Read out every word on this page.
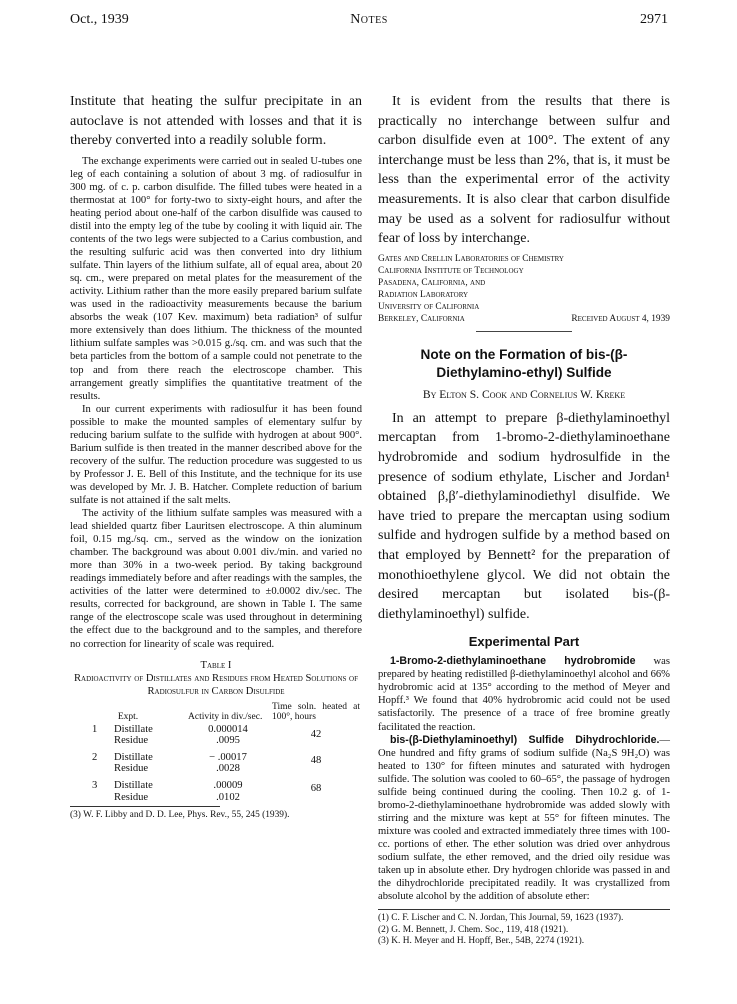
Oct., 1939	Notes	2971

Institute that heating the sulfur precipitate in an autoclave is not attended with losses and that it is thereby converted into a readily soluble form.

The exchange experiments were carried out in sealed U-tubes one leg of each containing a solution of about 3 mg. of radiosulfur in 300 mg. of c. p. carbon disulfide. The filled tubes were heated in a thermostat at 100° for forty-two to sixty-eight hours, and after the heating period about one-half of the carbon disulfide was caused to distil into the empty leg of the tube by cooling it with liquid air. The contents of the two legs were subjected to a Carius combustion, and the resulting sulfuric acid was then converted into dry lithium sulfate. Thin layers of the lithium sulfate, all of equal area, about 20 sq. cm., were prepared on metal plates for the measurement of the activity. Lithium rather than the more easily prepared barium sulfate was used in the radioactivity measurements because the barium absorbs the weak (107 Kev. maximum) beta radiation³ of sulfur more extensively than does lithium. The thickness of the mounted lithium sulfate samples was >0.015 g./sq. cm. and was such that the beta particles from the bottom of a sample could not penetrate to the top and from there reach the electroscope chamber. This arrangement greatly simplifies the quantitative treatment of the results.

In our current experiments with radiosulfur it has been found possible to make the mounted samples of elementary sulfur by reducing barium sulfate to the sulfide with hydrogen at about 900°. Barium sulfide is then treated in the manner described above for the recovery of the sulfur. The reduction procedure was suggested to us by Professor J. E. Bell of this Institute, and the technique for its use was developed by Mr. J. B. Hatcher. Complete reduction of barium sulfate is not attained if the salt melts.

The activity of the lithium sulfate samples was measured with a lead shielded quartz fiber Lauritsen electroscope. A thin aluminum foil, 0.15 mg./sq. cm., served as the window on the ionization chamber. The background was about 0.001 div./min. and varied no more than 30% in a two-week period. By taking background readings immediately before and after readings with the samples, the activities of the latter were determined to ±0.0002 div./sec. The results, corrected for background, are shown in Table I. The same range of the electroscope scale was used throughout in determining the effect due to the background and to the samples, and therefore no correction for linearity of scale was required.

Table I

Radioactivity of Distillates and Residues from Heated Solutions of Radiosulfur in Carbon Disulfide

Expt.		Activity in div./sec.	Time soln. heated at 100°, hours
1	Distillate	0.000014	42
	Residue	.0095	
2	Distillate	− .00017	48
	Residue	.0028	
3	Distillate	.00009	68
	Residue	.0102	

(3) W. F. Libby and D. D. Lee, Phys. Rev., 55, 245 (1939).

It is evident from the results that there is practically no interchange between sulfur and carbon disulfide even at 100°. The extent of any interchange must be less than 2%, that is, it must be less than the experimental error of the activity measurements. It is also clear that carbon disulfide may be used as a solvent for radiosulfur without fear of loss by interchange.

Gates and Crellin Laboratories of Chemistry

California Institute of Technology

Pasadena, California, and

Radiation Laboratory

University of California

Berkeley, California	Received August 4, 1939

Note on the Formation of bis-(β-Diethylamino-ethyl) Sulfide

By Elton S. Cook and Cornelius W. Kreke

In an attempt to prepare β-diethylaminoethyl mercaptan from 1-bromo-2-diethylaminoethane hydrobromide and sodium hydrosulfide in the presence of sodium ethylate, Lischer and Jordan¹ obtained β,β′-diethylaminodiethyl disulfide. We have tried to prepare the mercaptan using sodium sulfide and hydrogen sulfide by a method based on that employed by Bennett² for the preparation of monothioethylene glycol. We did not obtain the desired mercaptan but isolated bis-(β-diethylaminoethyl) sulfide.

Experimental Part

1-Bromo-2-diethylaminoethane hydrobromide was prepared by heating redistilled β-diethylaminoethyl alcohol and 66% hydrobromic acid at 135° according to the method of Meyer and Hopff.³ We found that 40% hydrobromic acid could not be used satisfactorily. The presence of a trace of free bromine greatly facilitated the reaction.

bis-(β-Diethylaminoethyl) Sulfide Dihydrochloride.—One hundred and fifty grams of sodium sulfide (Na₂S 9H₂O) was heated to 130° for fifteen minutes and saturated with hydrogen sulfide. The solution was cooled to 60–65°, the passage of hydrogen sulfide being continued during the cooling. Then 10.2 g. of 1-bromo-2-diethylaminoethane hydrobromide was added slowly with stirring and the mixture was kept at 55° for fifteen minutes. The mixture was cooled and extracted immediately three times with 100-cc. portions of ether. The ether solution was dried over anhydrous sodium sulfate, the ether removed, and the dried oily residue was taken up in absolute ether. Dry hydrogen chloride was passed in and the dihydrochloride precipitated readily. It was crystallized from absolute alcohol by the addition of absolute ether:

(1) C. F. Lischer and C. N. Jordan, This Journal, 59, 1623 (1937).

(2) G. M. Bennett, J. Chem. Soc., 119, 418 (1921).

(3) K. H. Meyer and H. Hopff, Ber., 54B, 2274 (1921).
